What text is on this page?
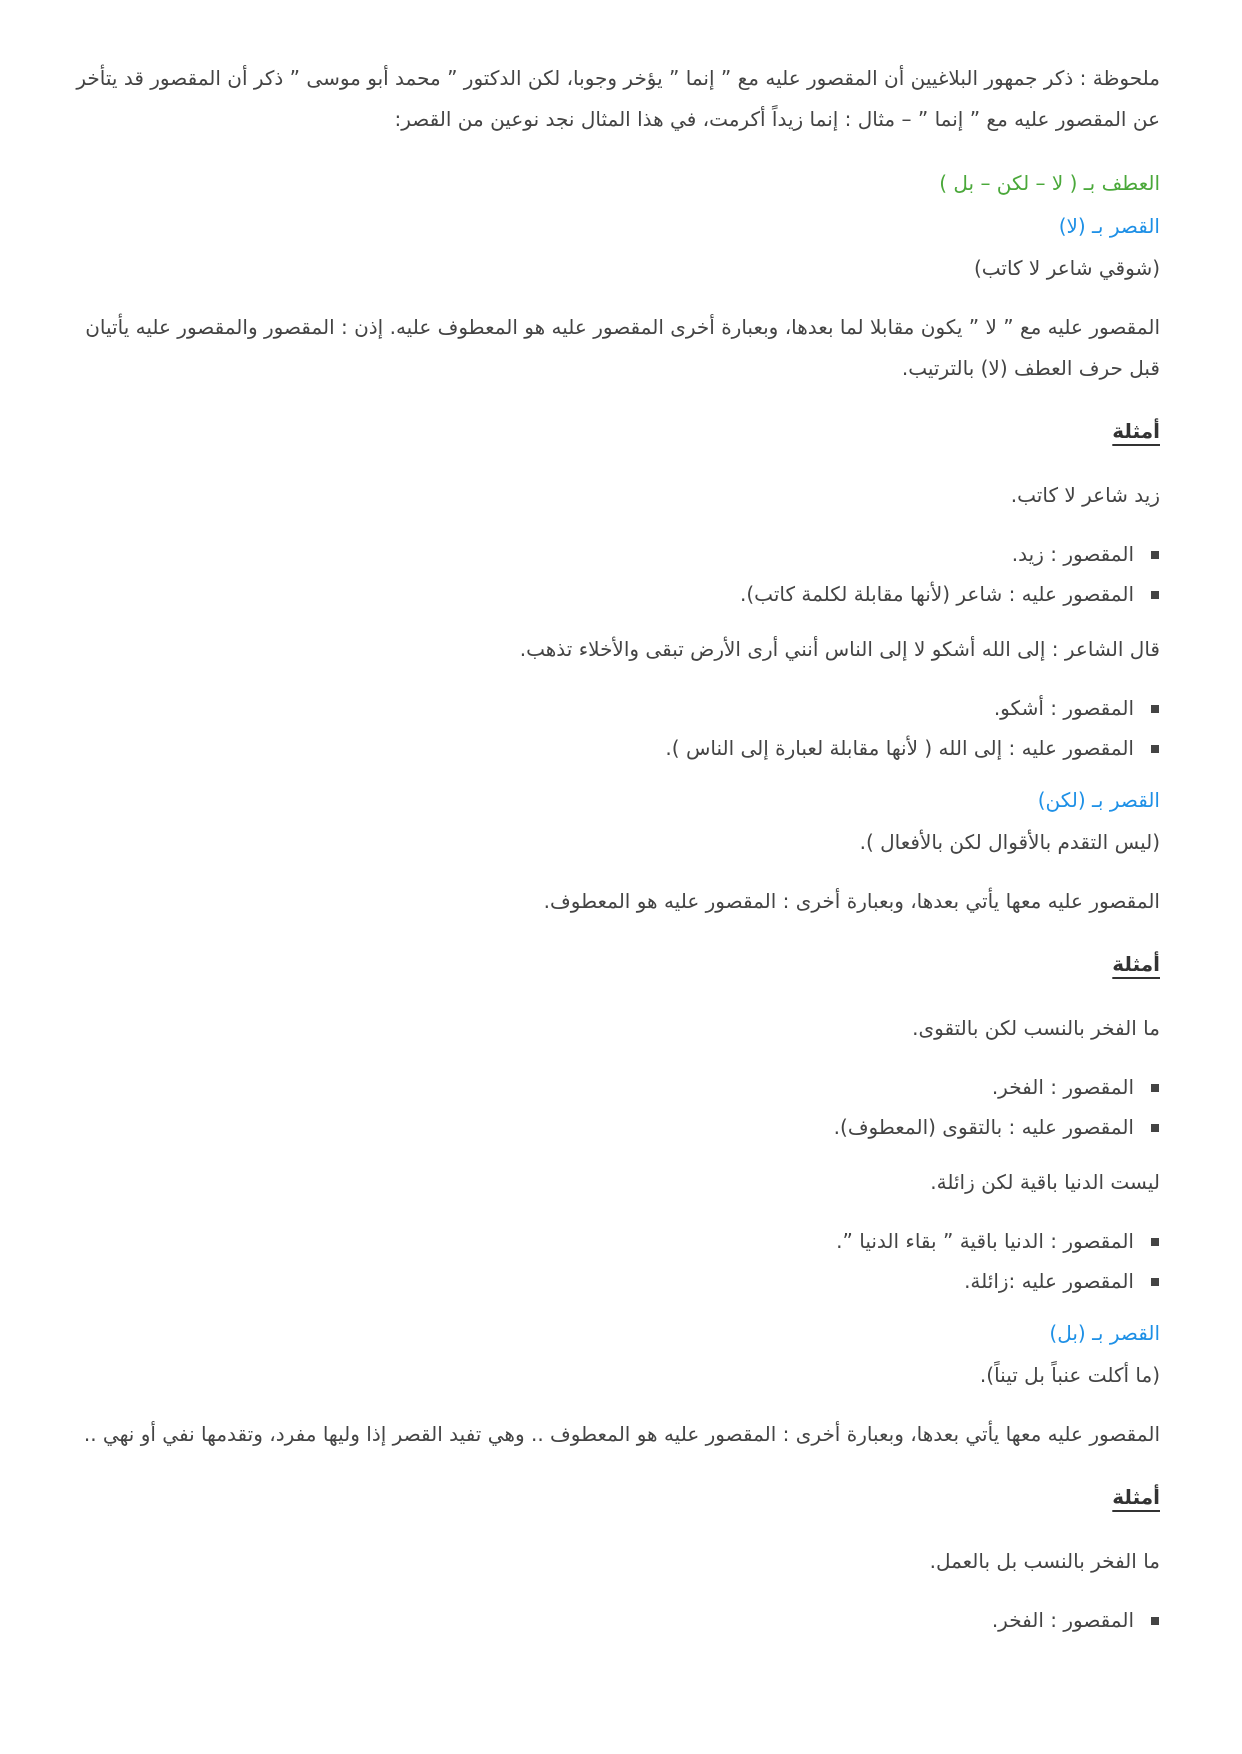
ملحوظة : ذكر جمهور البلاغيين أن المقصور عليه مع ” إنما ” يؤخر وجوبا، لكن الدكتور ” محمد أبو موسى ” ذكر أن المقصور قد يتأخر عن المقصور عليه مع ” إنما ” – مثال : إنما زيداً أكرمت، في هذا المثال نجد نوعين من القصر:

العطف بـ ( لا – لكن – بل )

القصر بـ (لا)

(شوقي شاعر لا كاتب)

المقصور عليه مع ” لا ” يكون مقابلا لما بعدها، وبعبارة أخرى المقصور عليه هو المعطوف عليه. إذن : المقصور والمقصور عليه يأتيان قبل حرف العطف (لا) بالترتيب.

أمثلة

زيد شاعر لا كاتب.

المقصور : زيد.
المقصور عليه : شاعر (لأنها مقابلة لكلمة كاتب).

قال الشاعر : إلى الله أشكو لا إلى الناس أنني أرى الأرض تبقى والأخلاء تذهب.

المقصور : أشكو.
المقصور عليه : إلى الله ( لأنها مقابلة لعبارة إلى الناس ).

القصر بـ (لكن)

(ليس التقدم بالأقوال لكن بالأفعال ).

المقصور عليه معها يأتي بعدها، وبعبارة أخرى : المقصور عليه هو المعطوف.

أمثلة

ما الفخر بالنسب لكن بالتقوى.

المقصور : الفخر.
المقصور عليه : بالتقوى (المعطوف).

ليست الدنيا باقية لكن زائلة.

المقصور : الدنيا باقية ” بقاء الدنيا ”.
المقصور عليه :زائلة.

القصر بـ (بل)

(ما أكلت عنباً بل تيناً).

المقصور عليه معها يأتي بعدها، وبعبارة أخرى : المقصور عليه هو المعطوف .. وهي تفيد القصر إذا وليها مفرد، وتقدمها نفي أو نهي ..

أمثلة

ما الفخر بالنسب بل بالعمل.

المقصور : الفخر.
